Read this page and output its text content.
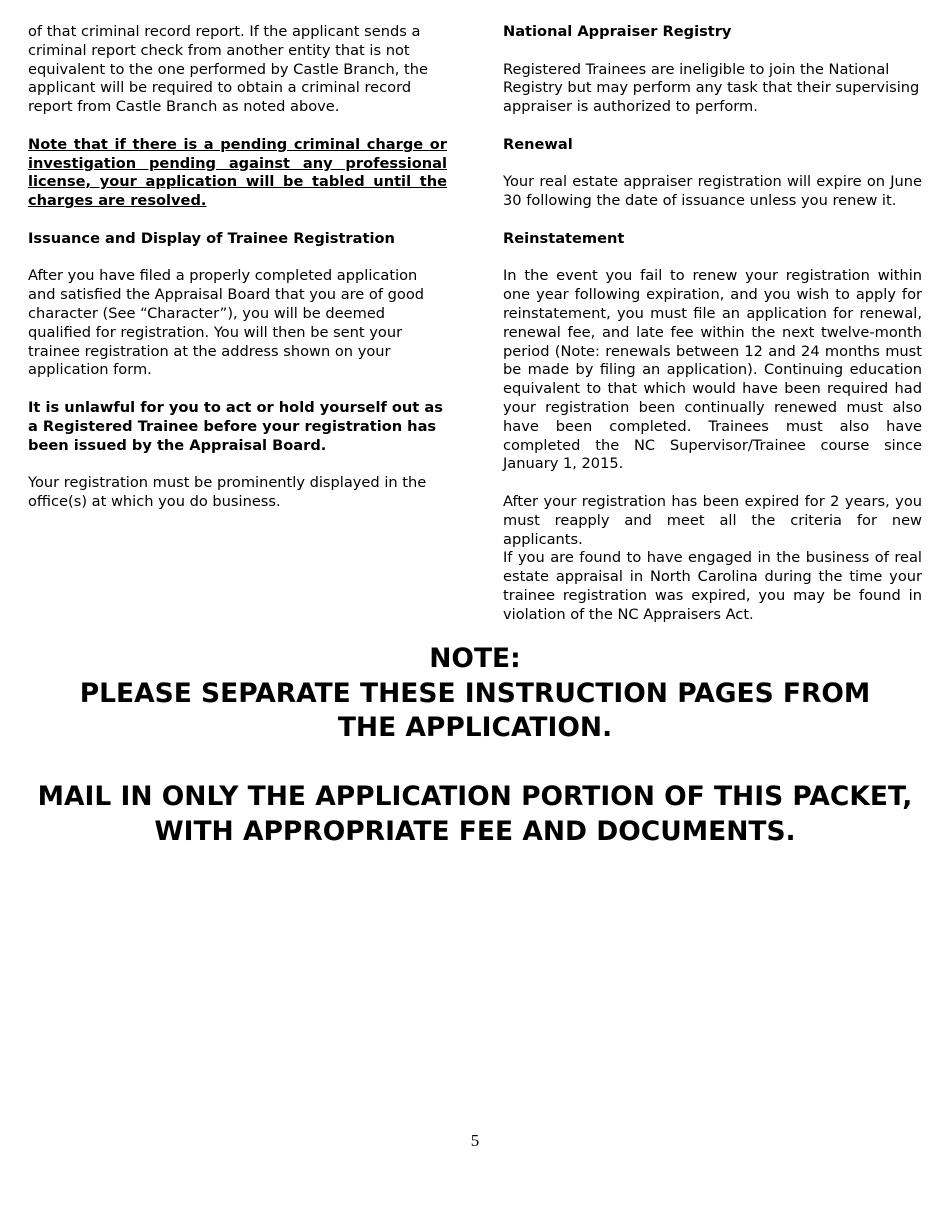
of that criminal record report. If the applicant sends a criminal report check from another entity that is not equivalent to the one performed by Castle Branch, the applicant will be required to obtain a criminal record report from Castle Branch as noted above.

Note that if there is a pending criminal charge or investigation pending against any professional license, your application will be tabled until the charges are resolved.

Issuance and Display of Trainee Registration

After you have filed a properly completed application and satisfied the Appraisal Board that you are of good character (See “Character”), you will be deemed qualified for registration. You will then be sent your trainee registration at the address shown on your application form.

It is unlawful for you to act or hold yourself out as a Registered Trainee before your registration has been issued by the Appraisal Board.

Your registration must be prominently displayed in the office(s) at which you do business.

National Appraiser Registry

Registered Trainees are ineligible to join the National Registry but may perform any task that their supervising appraiser is authorized to perform.

Renewal

Your real estate appraiser registration will expire on June 30 following the date of issuance unless you renew it.

Reinstatement

In the event you fail to renew your registration within one year following expiration, and you wish to apply for reinstatement, you must file an application for renewal, renewal fee, and late fee within the next twelve-month period (Note: renewals between 12 and 24 months must be made by filing an application). Continuing education equivalent to that which would have been required had your registration been continually renewed must also have been completed. Trainees must also have completed the NC Supervisor/Trainee course since January 1, 2015.

After your registration has been expired for 2 years, you must reapply and meet all the criteria for new applicants.

If you are found to have engaged in the business of real estate appraisal in North Carolina during the time your trainee registration was expired, you may be found in violation of the NC Appraisers Act.

NOTE:
PLEASE SEPARATE THESE INSTRUCTION PAGES FROM
THE APPLICATION.
MAIL IN ONLY THE APPLICATION PORTION OF THIS PACKET,
WITH APPROPRIATE FEE AND DOCUMENTS.
5
